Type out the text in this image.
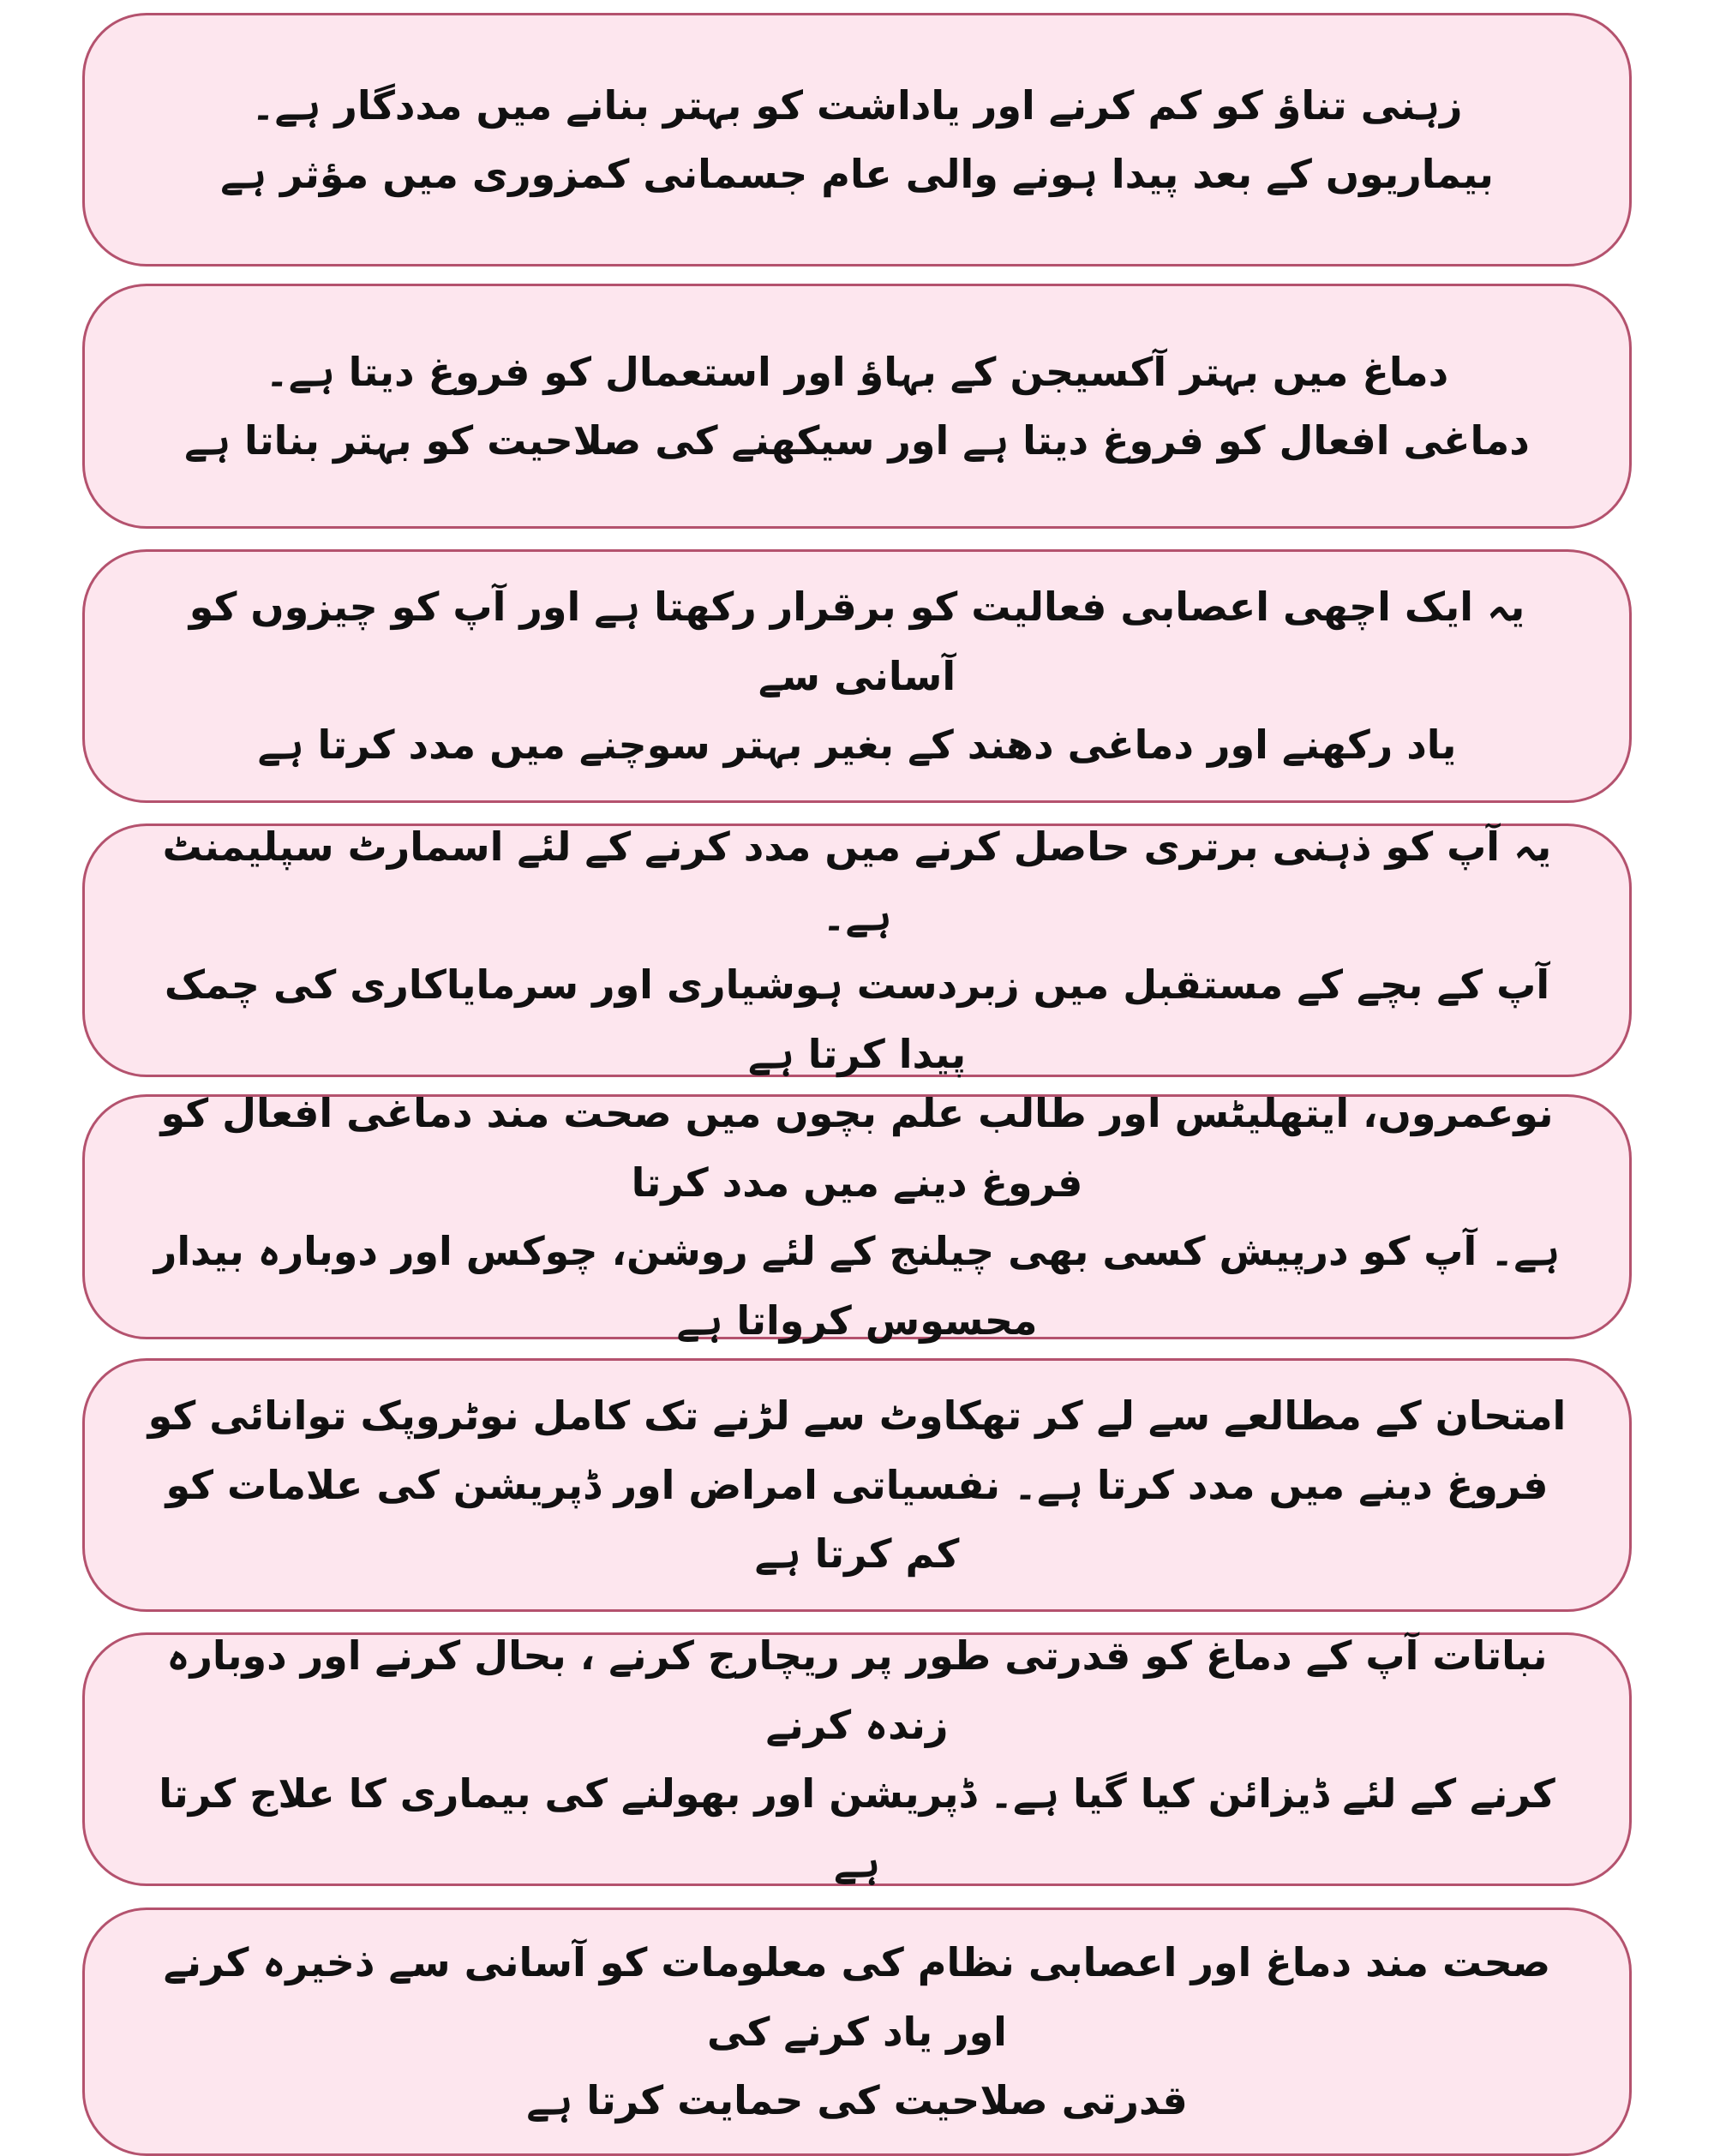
زہنی تناؤ کو کم کرنے اور یاداشت کو بہتر بنانے میں مددگار ہے۔
بیماریوں کے بعد پیدا ہونے والی عام جسمانی کمزوری میں مؤثر ہے
دماغ میں بہتر آکسیجن کے بہاؤ اور استعمال کو فروغ دیتا ہے۔
دماغی افعال کو فروغ دیتا ہے اور سیکھنے کی صلاحیت کو بہتر بناتا ہے
یہ ایک اچھی اعصابی فعالیت کو برقرار رکھتا ہے اور آپ کو چیزوں کو آسانی سے
یاد رکھنے اور دماغی دھند کے بغیر بہتر سوچنے میں مدد کرتا ہے
یہ آپ کو ذہنی برتری حاصل کرنے میں مدد کرنے کے لئے اسمارٹ سپلیمنٹ ہے۔
آپ کے بچے کے مستقبل میں زبردست ہوشیاری اور سرمایاکاری کی چمک پیدا کرتا ہے
نوعمروں، ایتھلیٹس اور طالب علم بچوں میں صحت مند دماغی افعال کو فروغ دینے میں مدد کرتا
ہے۔ آپ کو درپیش کسی بھی چیلنج کے لئے روشن، چوکس اور دوبارہ بیدار محسوس کرواتا ہے
امتحان کے مطالعے سے لے کر تھکاوٹ سے لڑنے تک کامل نوٹروپک توانائی کو
فروغ دینے میں مدد کرتا ہے۔ نفسیاتی امراض اور ڈپریشن کی علامات کو کم کرتا ہے
نباتات آپ کے دماغ کو قدرتی طور پر ریچارج کرنے ، بحال کرنے اور دوبارہ زندہ کرنے
کرنے کے لئے ڈیزائن کیا گیا ہے۔ ڈپریشن اور بھولنے کی بیماری کا علاج کرتا ہے
صحت مند دماغ اور اعصابی نظام کی معلومات کو آسانی سے ذخیرہ کرنے اور یاد کرنے کی
قدرتی صلاحیت کی حمایت کرتا ہے
